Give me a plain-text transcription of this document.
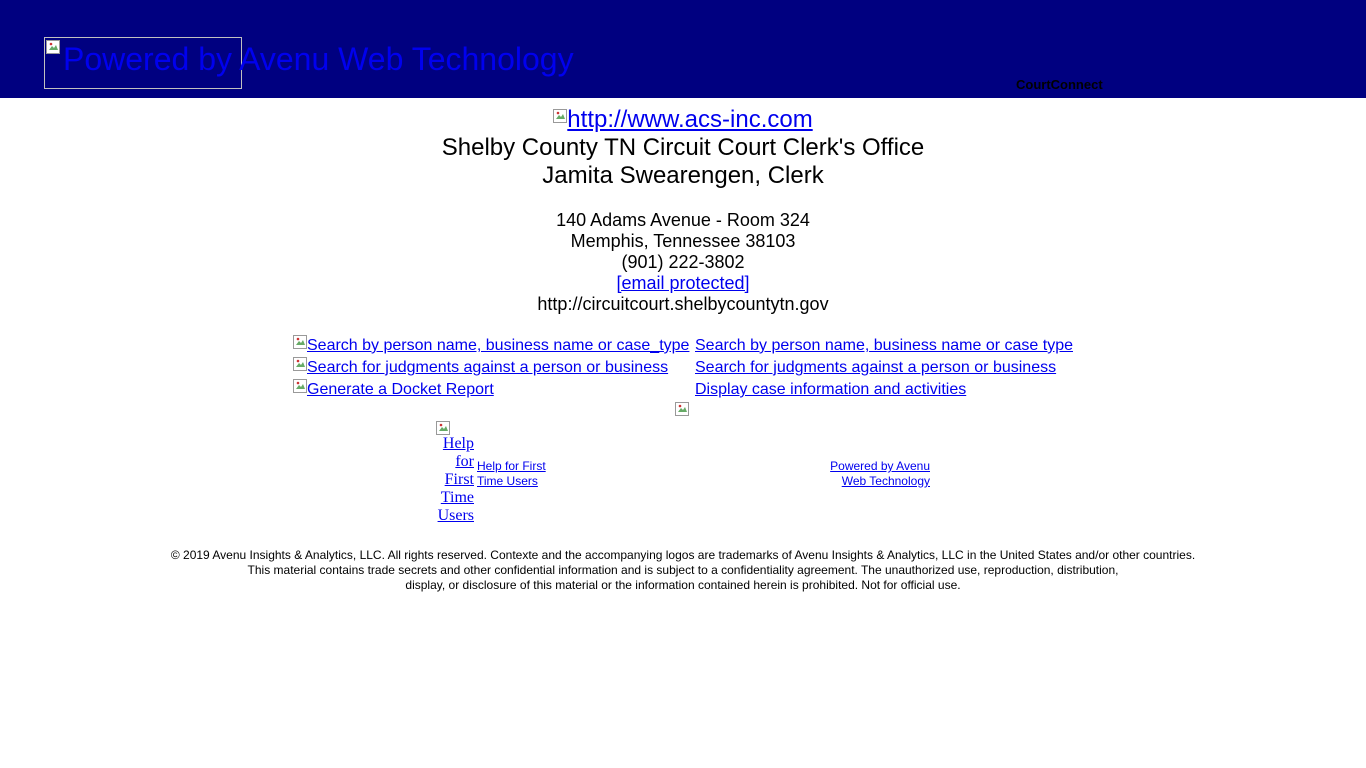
Powered by Avenu Web Technology
CourtConnect
http://www.acs-inc.com
Shelby County TN Circuit Court Clerk's Office
Jamita Swearengen, Clerk
140 Adams Avenue - Room 324
Memphis, Tennessee 38103
(901) 222-3802
[email protected]
http://circuitcourt.shelbycountytn.gov
Search by person name, business name or case_type Search by person name, business name or case type
Search for judgments against a person or business Search for judgments against a person or business
Generate a Docket Report	Display case information and activities
Help
for
First
Time
Users
Help for First
Time Users
Powered by Avenu
Web Technology
© 2019 Avenu Insights & Analytics, LLC. All rights reserved. Contexte and the accompanying logos are trademarks of Avenu Insights & Analytics, LLC in the United States and/or other countries.
This material contains trade secrets and other confidential information and is subject to a confidentiality agreement. The unauthorized use, reproduction, distribution,
display, or disclosure of this material or the information contained herein is prohibited. Not for official use.
